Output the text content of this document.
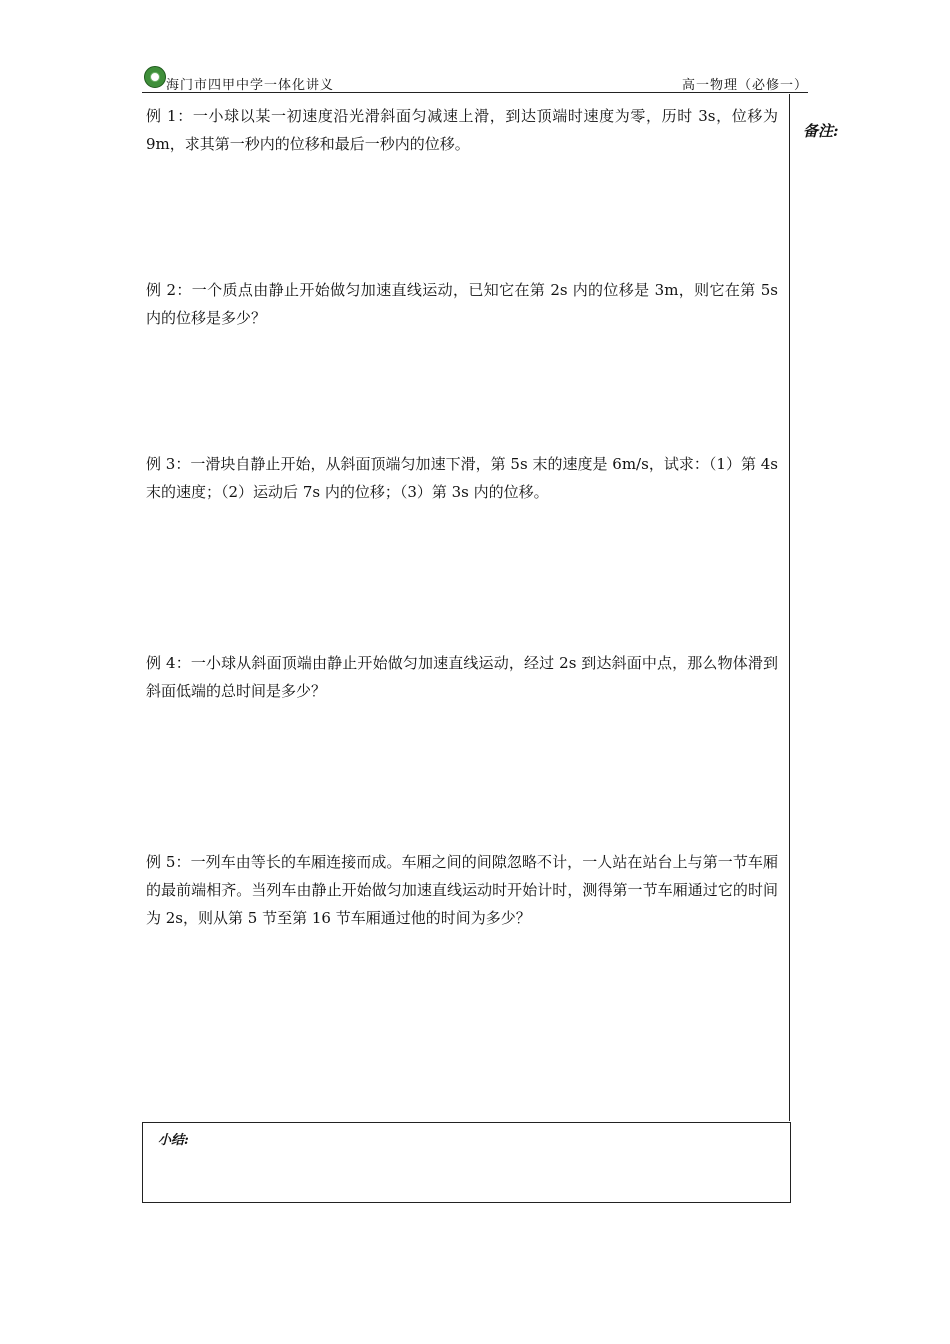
海门市四甲中学一体化讲义	高一物理（必修一）
例 1：一小球以某一初速度沿光滑斜面匀减速上滑，到达顶端时速度为零，历时 3s，位移为 9m，求其第一秒内的位移和最后一秒内的位移。
例 2：一个质点由静止开始做匀加速直线运动，已知它在第 2s 内的位移是 3m，则它在第 5s 内的位移是多少？
例 3：一滑块自静止开始，从斜面顶端匀加速下滑，第 5s 末的速度是 6m/s，试求：（1）第 4s 末的速度；（2）运动后 7s 内的位移；（3）第 3s 内的位移。
例 4：一小球从斜面顶端由静止开始做匀加速直线运动，经过 2s 到达斜面中点，那么物体滑到斜面低端的总时间是多少？
例 5：一列车由等长的车厢连接而成。车厢之间的间隙忽略不计，一人站在站台上与第一节车厢的最前端相齐。当列车由静止开始做匀加速直线运动时开始计时，测得第一节车厢通过它的时间为 2s，则从第 5 节至第 16 节车厢通过他的时间为多少？
备注:
小结:
